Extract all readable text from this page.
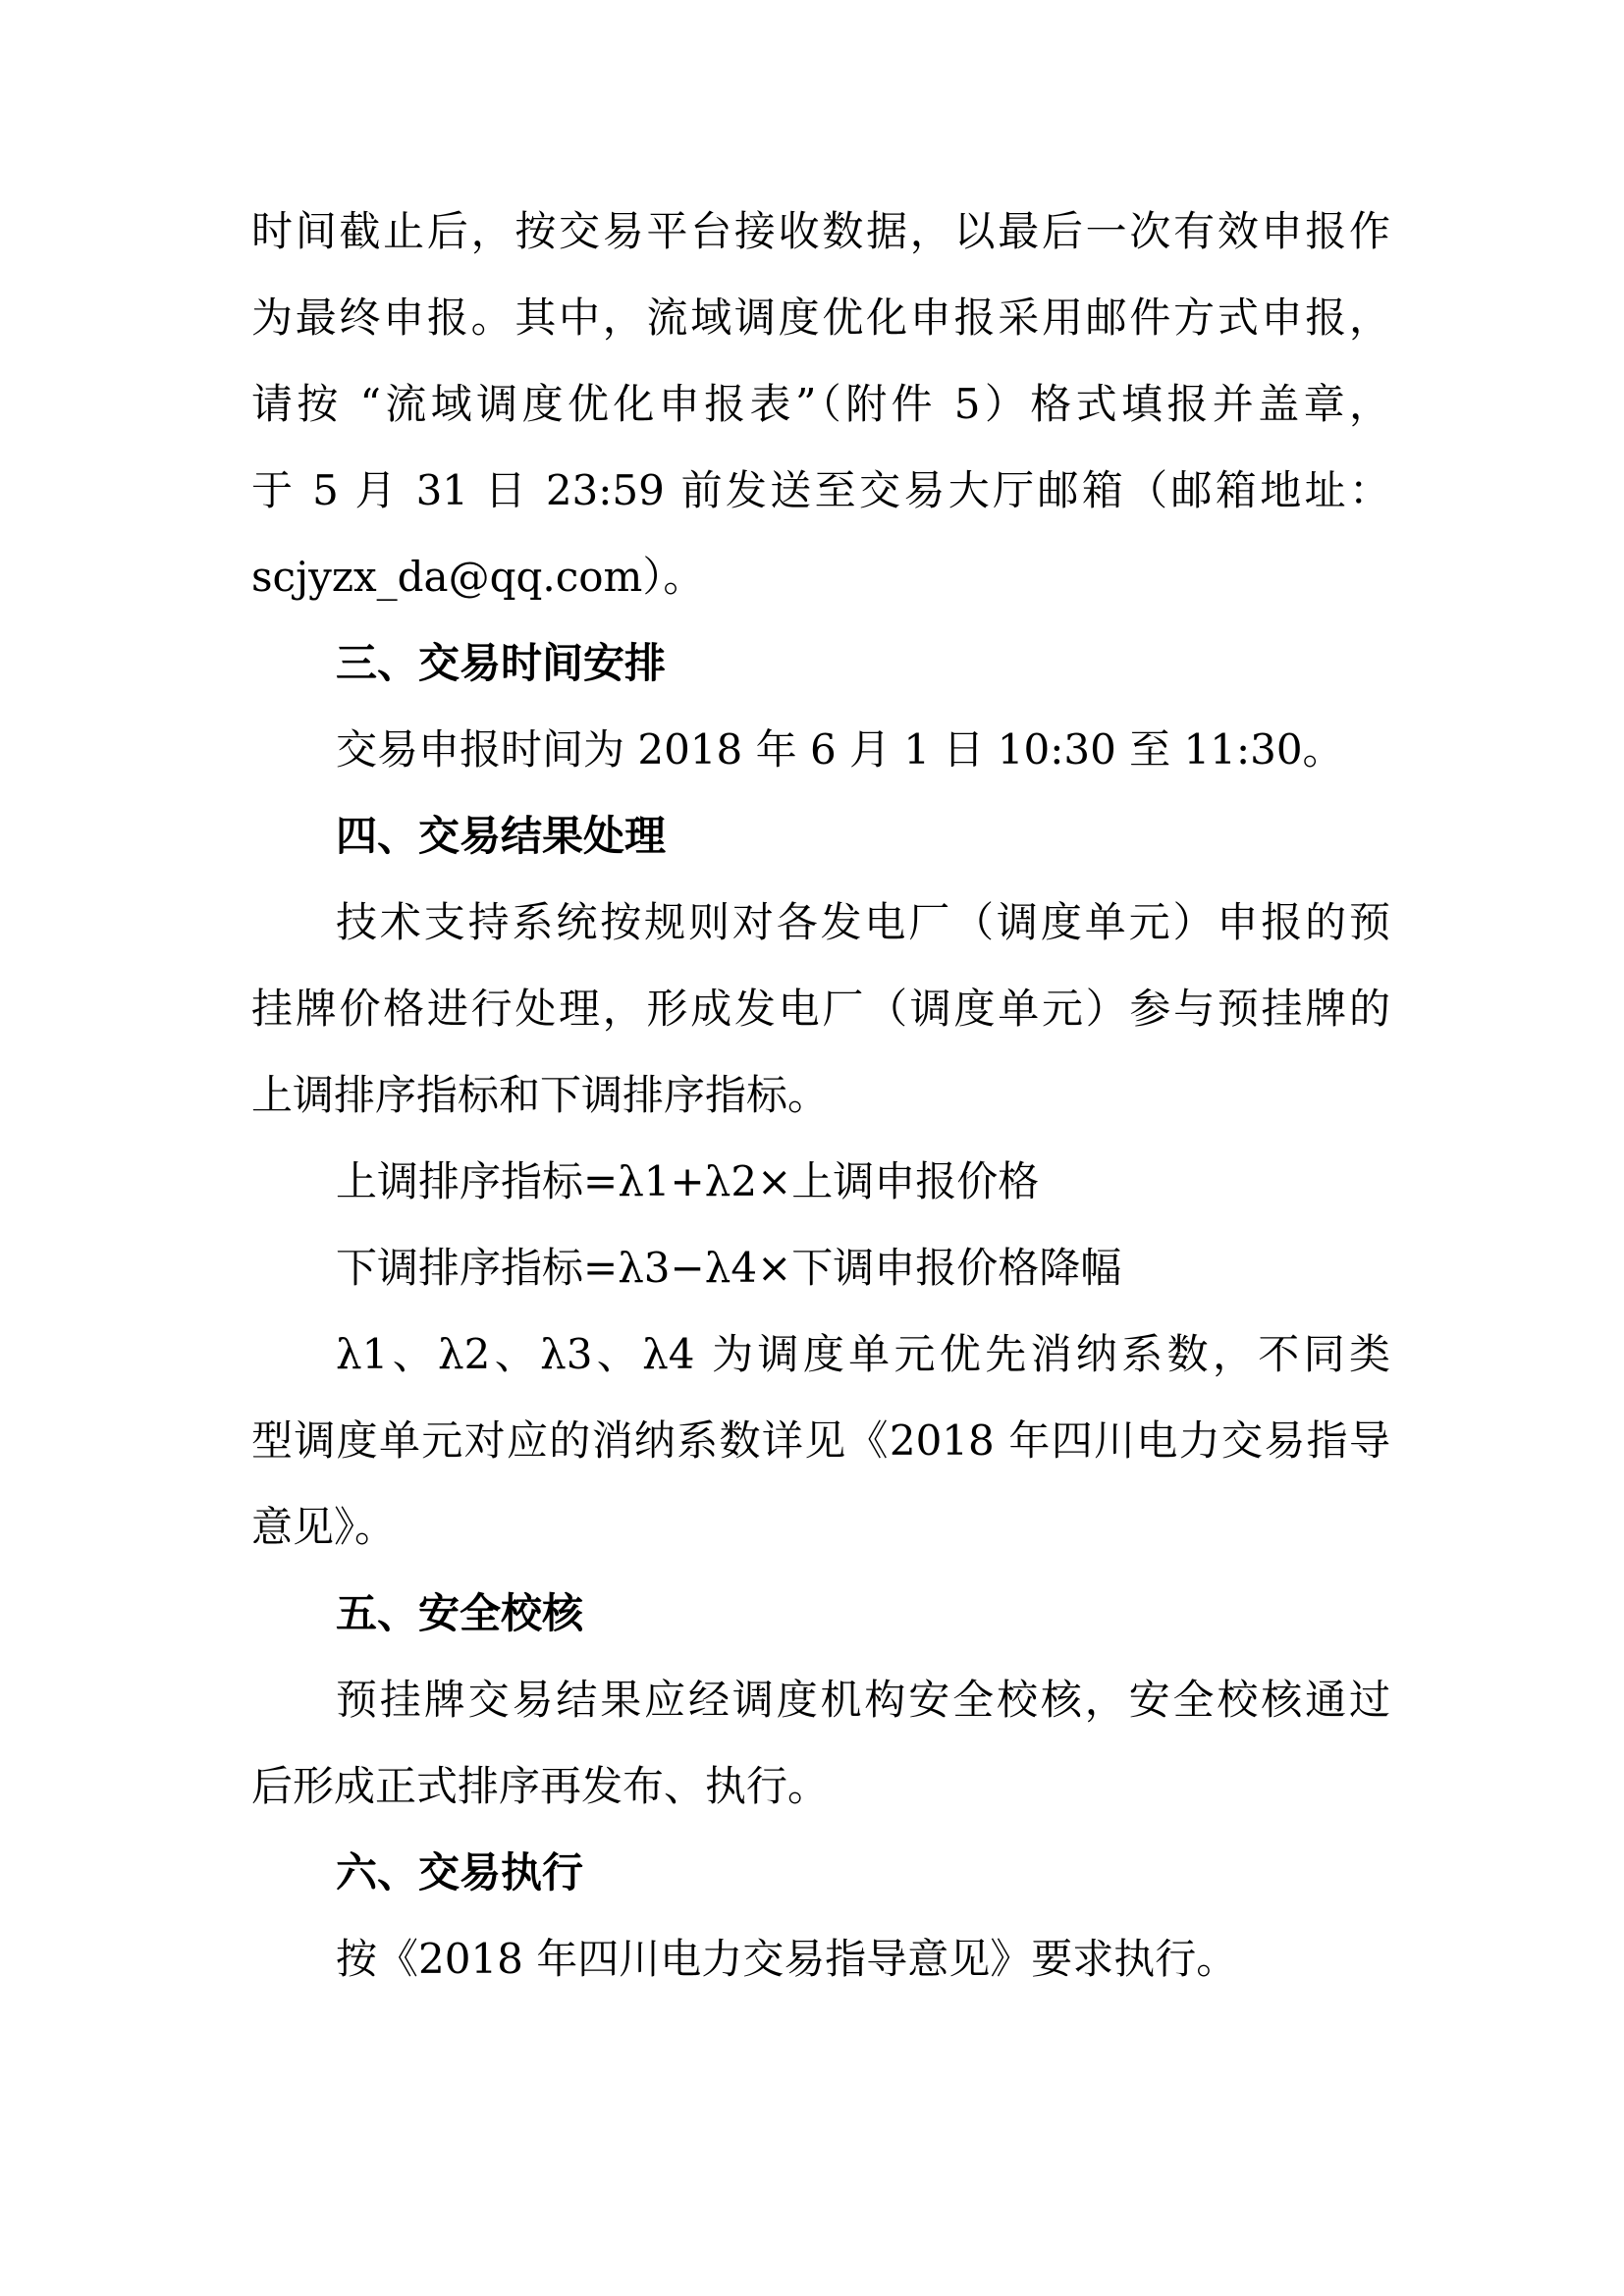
时间截止后，按交易平台接收数据，以最后一次有效申报作
为最终申报。其中，流域调度优化申报采用邮件方式申报，
请按 “流域调度优化申报表”（附件 5）格式填报并盖章，
于 5 月 31 日 23:59 前发送至交易大厅邮箱（邮箱地址：
scjyzx_da@qq.com）。
三、交易时间安排
交易申报时间为 2018 年 6 月 1 日 10:30 至 11:30。
四、交易结果处理
技术支持系统按规则对各发电厂（调度单元）申报的预
挂牌价格进行处理，形成发电厂（调度单元）参与预挂牌的
上调排序指标和下调排序指标。
上调排序指标=λ1+λ2×上调申报价格
下调排序指标=λ3−λ4×下调申报价格降幅
λ1、λ2、λ3、λ4 为调度单元优先消纳系数，不同类
型调度单元对应的消纳系数详见《2018 年四川电力交易指导
意见》。
五、安全校核
预挂牌交易结果应经调度机构安全校核，安全校核通过
后形成正式排序再发布、执行。
六、交易执行
按《2018 年四川电力交易指导意见》要求执行。
